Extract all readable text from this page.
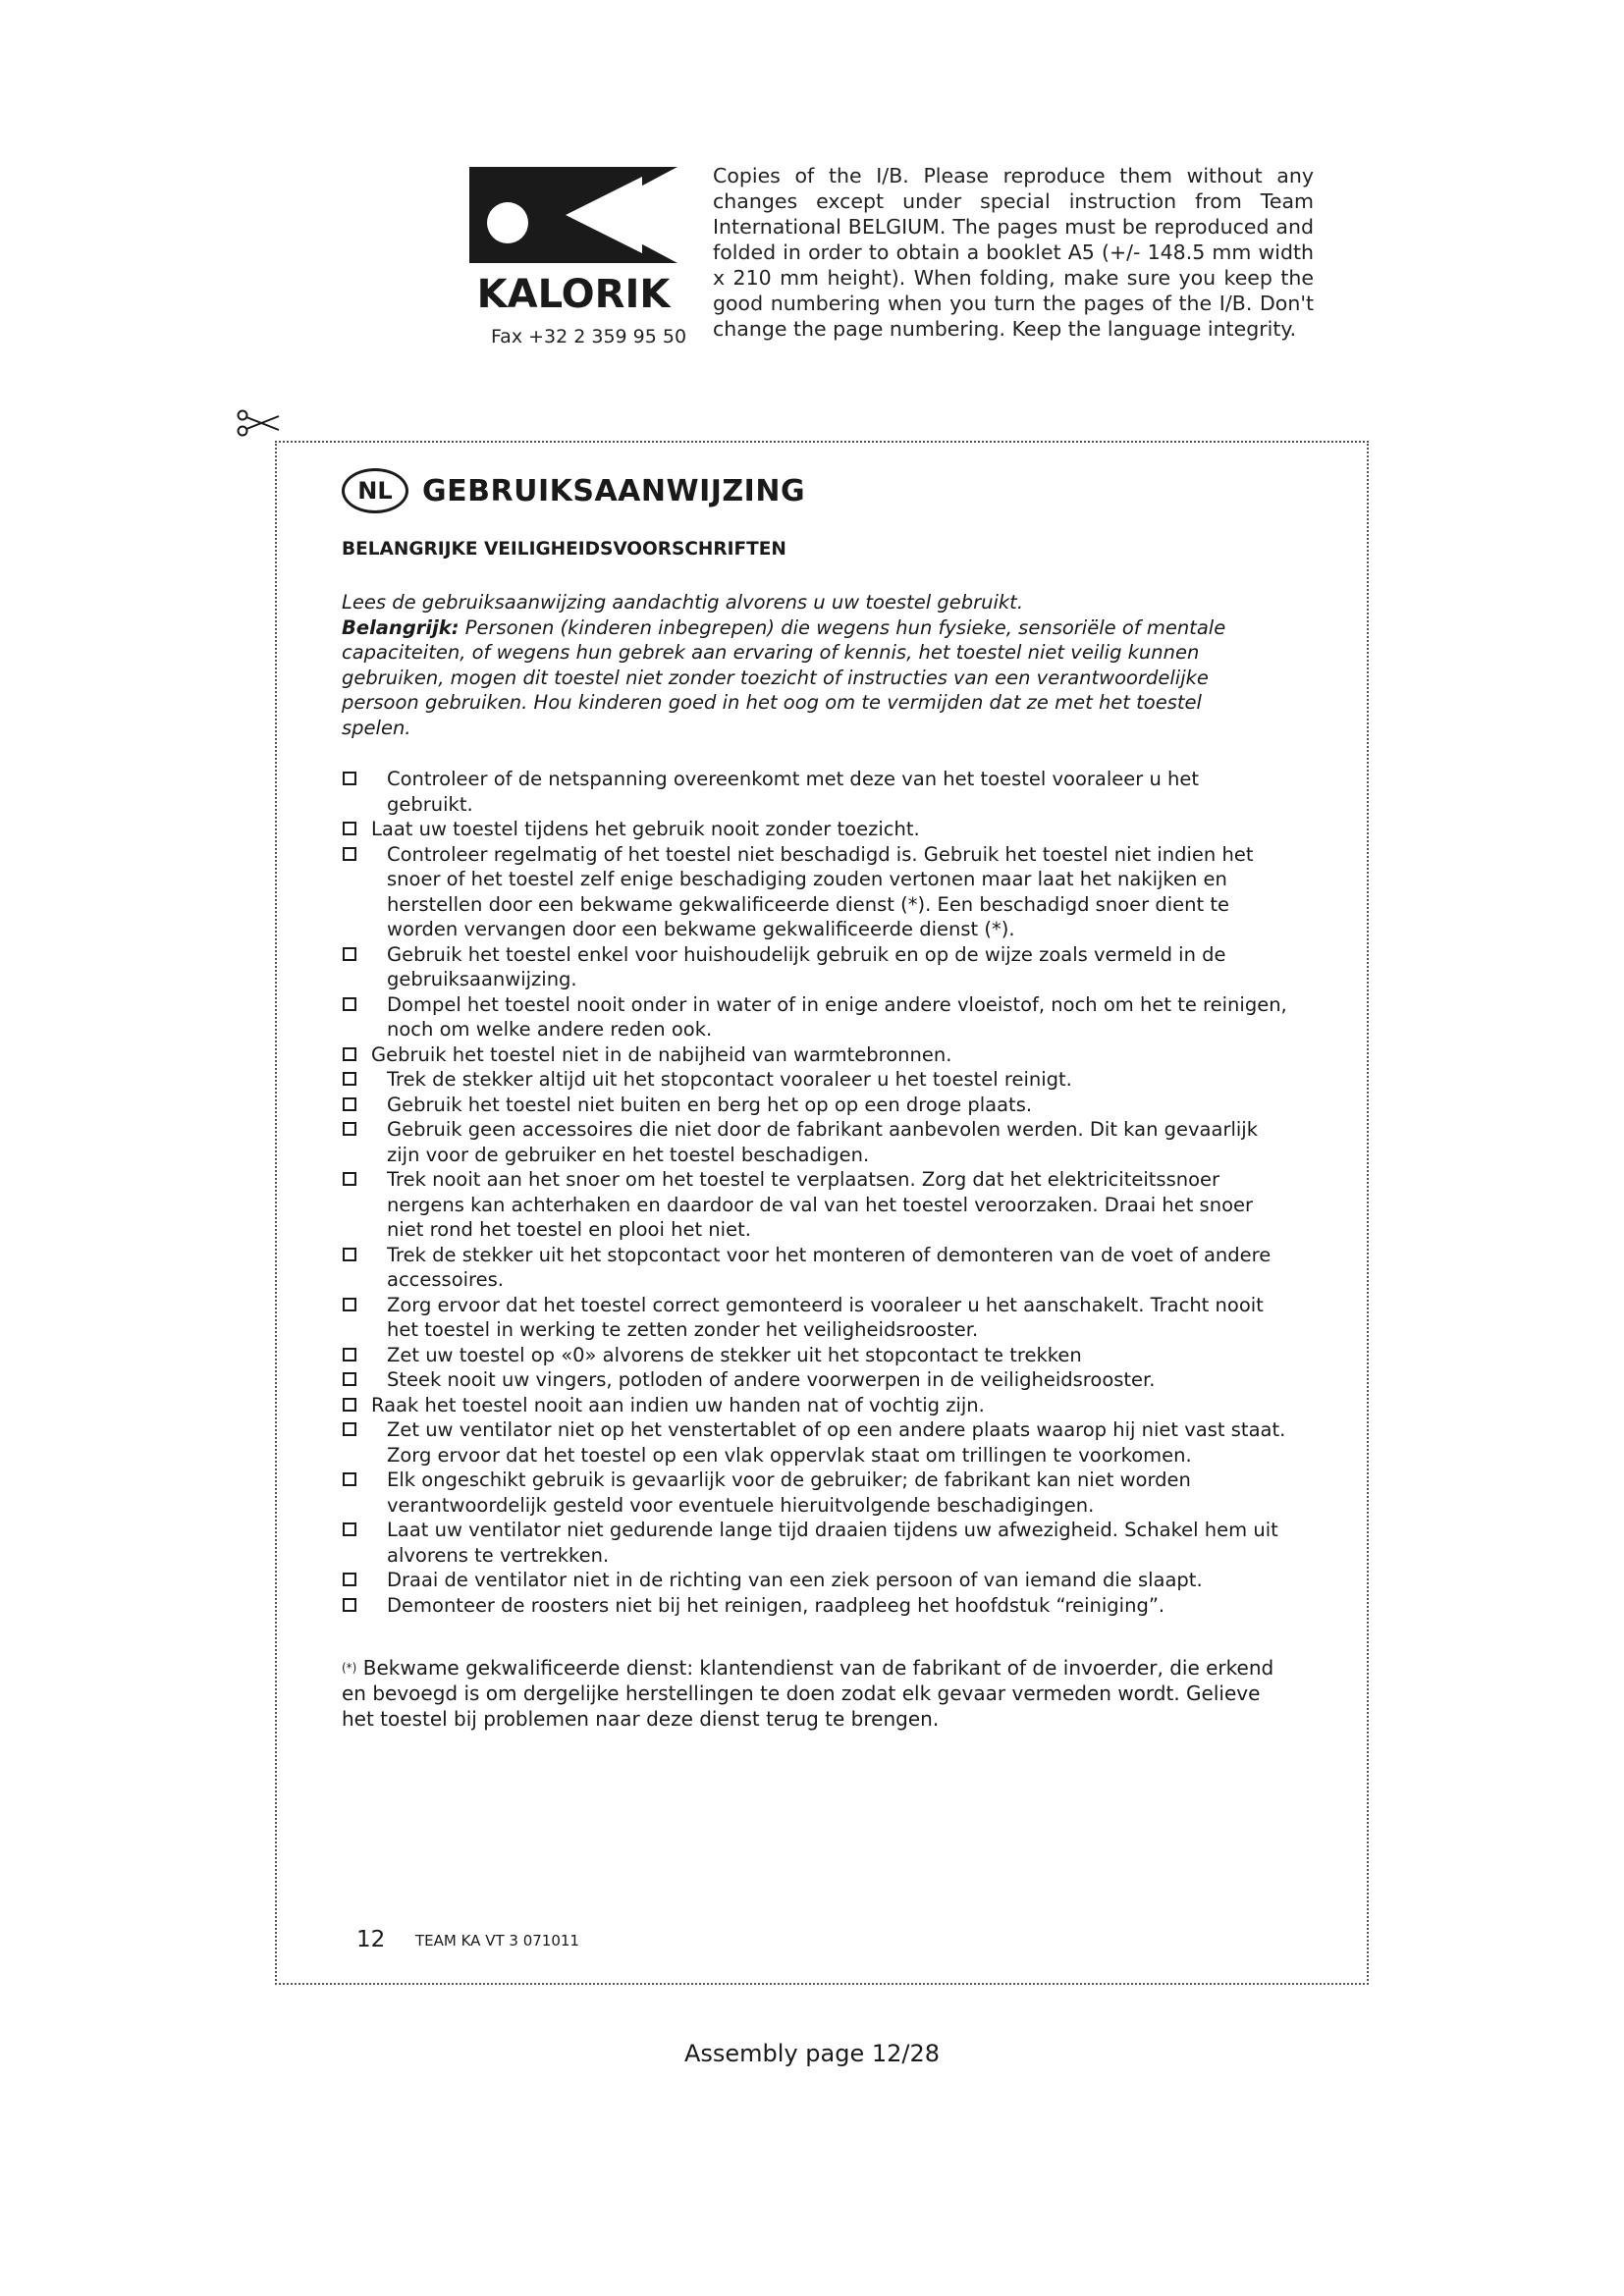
KALORIK
Fax +32 2 359 95 50
Copies of the I/B. Please reproduce them without any changes except under special instruction from Team International BELGIUM. The pages must be reproduced and folded in order to obtain a booklet A5 (+/- 148.5 mm width x 210 mm height). When folding, make sure you keep the good numbering when you turn the pages of the I/B. Don't change the page numbering. Keep the language integrity.
NL	GEBRUIKSAANWIJZING
BELANGRIJKE VEILIGHEIDSVOORSCHRIFTEN
Lees de gebruiksaanwijzing aandachtig alvorens u uw toestel gebruikt.
Belangrijk: Personen (kinderen inbegrepen) die wegens hun fysieke, sensoriële of mentale capaciteiten, of wegens hun gebrek aan ervaring of kennis, het toestel niet veilig kunnen gebruiken, mogen dit toestel niet zonder toezicht of instructies van een verantwoordelijke persoon gebruiken. Hou kinderen goed in het oog om te vermijden dat ze met het toestel spelen.
Controleer of de netspanning overeenkomt met deze van het toestel vooraleer u het gebruikt.
Laat uw toestel tijdens het gebruik nooit zonder toezicht.
Controleer regelmatig of het toestel niet beschadigd is. Gebruik het toestel niet indien het snoer of het toestel zelf enige beschadiging zouden vertonen maar laat het nakijken en herstellen door een bekwame gekwalificeerde dienst (*). Een beschadigd snoer dient te worden vervangen door een bekwame gekwalificeerde dienst (*).
Gebruik het toestel enkel voor huishoudelijk gebruik en op de wijze zoals vermeld in de gebruiksaanwijzing.
Dompel het toestel nooit onder in water of in enige andere vloeistof, noch om het te reinigen, noch om welke andere reden ook.
Gebruik het toestel niet in de nabijheid van warmtebronnen.
Trek de stekker altijd uit het stopcontact vooraleer u het toestel reinigt.
Gebruik het toestel niet buiten en berg het op op een droge plaats.
Gebruik geen accessoires die niet door de fabrikant aanbevolen werden. Dit kan gevaarlijk zijn voor de gebruiker en het toestel beschadigen.
Trek nooit aan het snoer om het toestel te verplaatsen. Zorg dat het elektriciteitssnoer nergens kan achterhaken en daardoor de val van het toestel veroorzaken. Draai het snoer niet rond het toestel en plooi het niet.
Trek de stekker uit het stopcontact voor het monteren of demonteren van de voet of andere accessoires.
Zorg ervoor dat het toestel correct gemonteerd is vooraleer u het aanschakelt. Tracht nooit het toestel in werking te zetten zonder het veiligheidsrooster.
Zet uw toestel op «0» alvorens de stekker uit het stopcontact te trekken
Steek nooit uw vingers, potloden of andere voorwerpen in de veiligheidsrooster.
Raak het toestel nooit aan indien uw handen nat of vochtig zijn.
Zet uw ventilator niet op het venstertablet of op een andere plaats waarop hij niet vast staat. Zorg ervoor dat het toestel op een vlak oppervlak staat om trillingen te voorkomen.
Elk ongeschikt gebruik is gevaarlijk voor de gebruiker; de fabrikant kan niet worden verantwoordelijk gesteld voor eventuele hieruitvolgende beschadigingen.
Laat uw ventilator niet gedurende lange tijd draaien tijdens uw afwezigheid. Schakel hem uit alvorens te vertrekken.
Draai de ventilator niet in de richting van een ziek persoon of van iemand die slaapt.
Demonteer de roosters niet bij het reinigen, raadpleeg het hoofdstuk “reiniging”.
(*) Bekwame gekwalificeerde dienst: klantendienst van de fabrikant of de invoerder, die erkend en bevoegd is om dergelijke herstellingen te doen zodat elk gevaar vermeden wordt. Gelieve het toestel bij problemen naar deze dienst terug te brengen.
12 TEAM KA VT 3 071011
Assembly page 12/28
